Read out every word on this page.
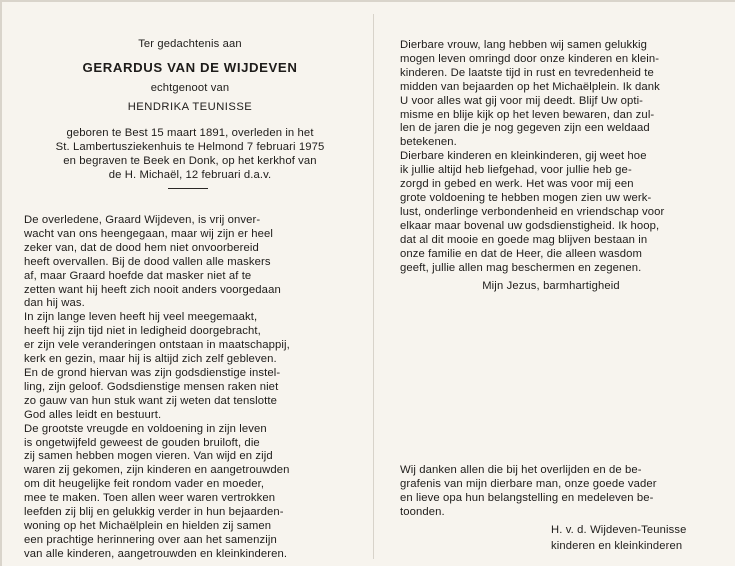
Ter gedachtenis aan
GERARDUS VAN DE WIJDEVEN
echtgenoot van
HENDRIKA TEUNISSE
geboren te Best 15 maart 1891, overleden in het
St. Lambertusziekenhuis te Helmond 7 februari 1975
en begraven te Beek en Donk, op het kerkhof van
de H. Michaël, 12 februari d.a.v.
De overledene, Graard Wijdeven, is vrij onver-
wacht van ons heengegaan, maar wij zijn er heel
zeker van, dat de dood hem niet onvoorbereid
heeft overvallen. Bij de dood vallen alle maskers
af, maar Graard hoefde dat masker niet af te
zetten want hij heeft zich nooit anders voorgedaan
dan hij was.
In zijn lange leven heeft hij veel meegemaakt,
heeft hij zijn tijd niet in ledigheid doorgebracht,
er zijn vele veranderingen ontstaan in maatschappij,
kerk en gezin, maar hij is altijd zich zelf gebleven.
En de grond hiervan was zijn godsdienstige instel-
ling, zijn geloof. Godsdienstige mensen raken niet
zo gauw van hun stuk want zij weten dat tenslotte
God alles leidt en bestuurt.
De grootste vreugde en voldoening in zijn leven
is ongetwijfeld geweest de gouden bruiloft, die
zij samen hebben mogen vieren. Van wijd en zijd
waren zij gekomen, zijn kinderen en aangetrouwden
om dit heugelijke feit rondom vader en moeder,
mee te maken. Toen allen weer waren vertrokken
leefden zij blij en gelukkig verder in hun bejaarden-
woning op het Michaëlplein en hielden zij samen
een prachtige herinnering over aan het samenzijn
van alle kinderen, aangetrouwden en kleinkinderen.
Dierbare vrouw, lang hebben wij samen gelukkig
mogen leven omringd door onze kinderen en klein-
kinderen. De laatste tijd in rust en tevredenheid te
midden van bejaarden op het Michaëlplein. Ik dank
U voor alles wat gij voor mij deedt. Blijf Uw opti-
misme en blije kijk op het leven bewaren, dan zul-
len de jaren die je nog gegeven zijn een weldaad
betekenen.
Dierbare kinderen en kleinkinderen, gij weet hoe
ik jullie altijd heb liefgehad, voor jullie heb ge-
zorgd in gebed en werk. Het was voor mij een
grote voldoening te hebben mogen zien uw werk-
lust, onderlinge verbondenheid en vriendschap voor
elkaar maar bovenal uw godsdienstigheid. Ik hoop,
dat al dit mooie en goede mag blijven bestaan in
onze familie en dat de Heer, die alleen wasdom
geeft, jullie allen mag beschermen en zegenen.
Mijn Jezus, barmhartigheid
Wij danken allen die bij het overlijden en de be-
grafenis van mijn dierbare man, onze goede vader
en lieve opa hun belangstelling en medeleven be-
toonden.
H. v. d. Wijdeven-Teunisse
kinderen en kleinkinderen
